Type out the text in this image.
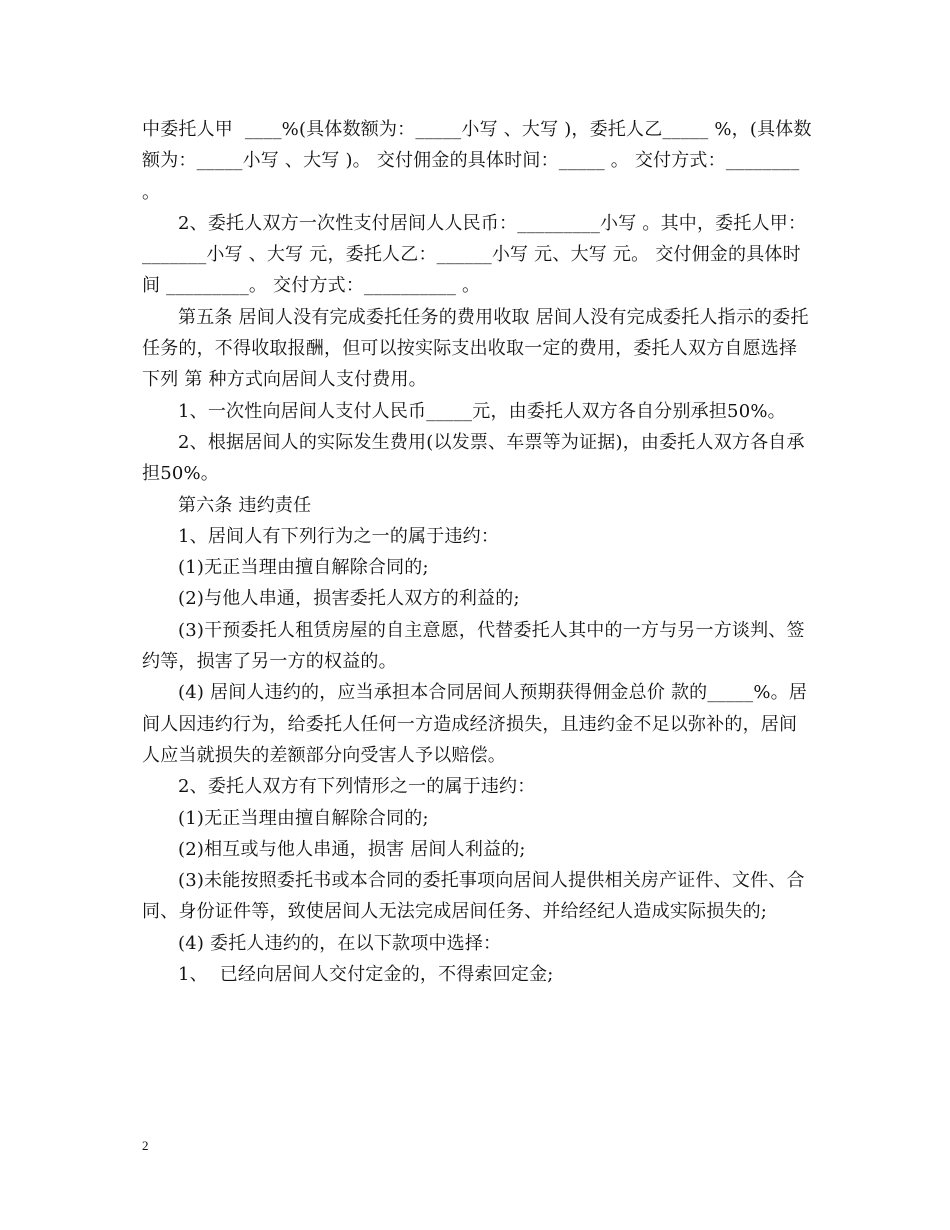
中委托人甲  ____%(具体数额为：_____小写 、大写 )，委托人乙_____ %，(具体数额为：_____小写 、大写 )。 交付佣金的具体时间：_____ 。 交付方式：________ 。

2、委托人双方一次性支付居间人人民币：_________小写 。其中，委托人甲：_______小写 、大写 元，委托人乙：______小写 元、大写 元。 交付佣金的具体时间 _________。 交付方式：__________ 。

第五条 居间人没有完成委托任务的费用收取 居间人没有完成委托人指示的委托任务的，不得收取报酬，但可以按实际支出收取一定的费用，委托人双方自愿选择下列 第 种方式向居间人支付费用。

1、一次性向居间人支付人民币_____元，由委托人双方各自分别承担50%。

2、根据居间人的实际发生费用(以发票、车票等为证据)，由委托人双方各自承担50%。

第六条 违约责任

1、居间人有下列行为之一的属于违约：

(1)无正当理由擅自解除合同的;

(2)与他人串通，损害委托人双方的利益的;

(3)干预委托人租赁房屋的自主意愿，代替委托人其中的一方与另一方谈判、签约等，损害了另一方的权益的。

(4) 居间人违约的，应当承担本合同居间人预期获得佣金总价 款的_____%。居间人因违约行为，给委托人任何一方造成经济损失，且违约金不足以弥补的，居间人应当就损失的差额部分向受害人予以赔偿。

2、委托人双方有下列情形之一的属于违约：

(1)无正当理由擅自解除合同的;

(2)相互或与他人串通，损害 居间人利益的;

(3)未能按照委托书或本合同的委托事项向居间人提供相关房产证件、文件、合同、身份证件等，致使居间人无法完成居间任务、并给经纪人造成实际损失的;

(4) 委托人违约的，在以下款项中选择：

1、  已经向居间人交付定金的，不得索回定金;

2
